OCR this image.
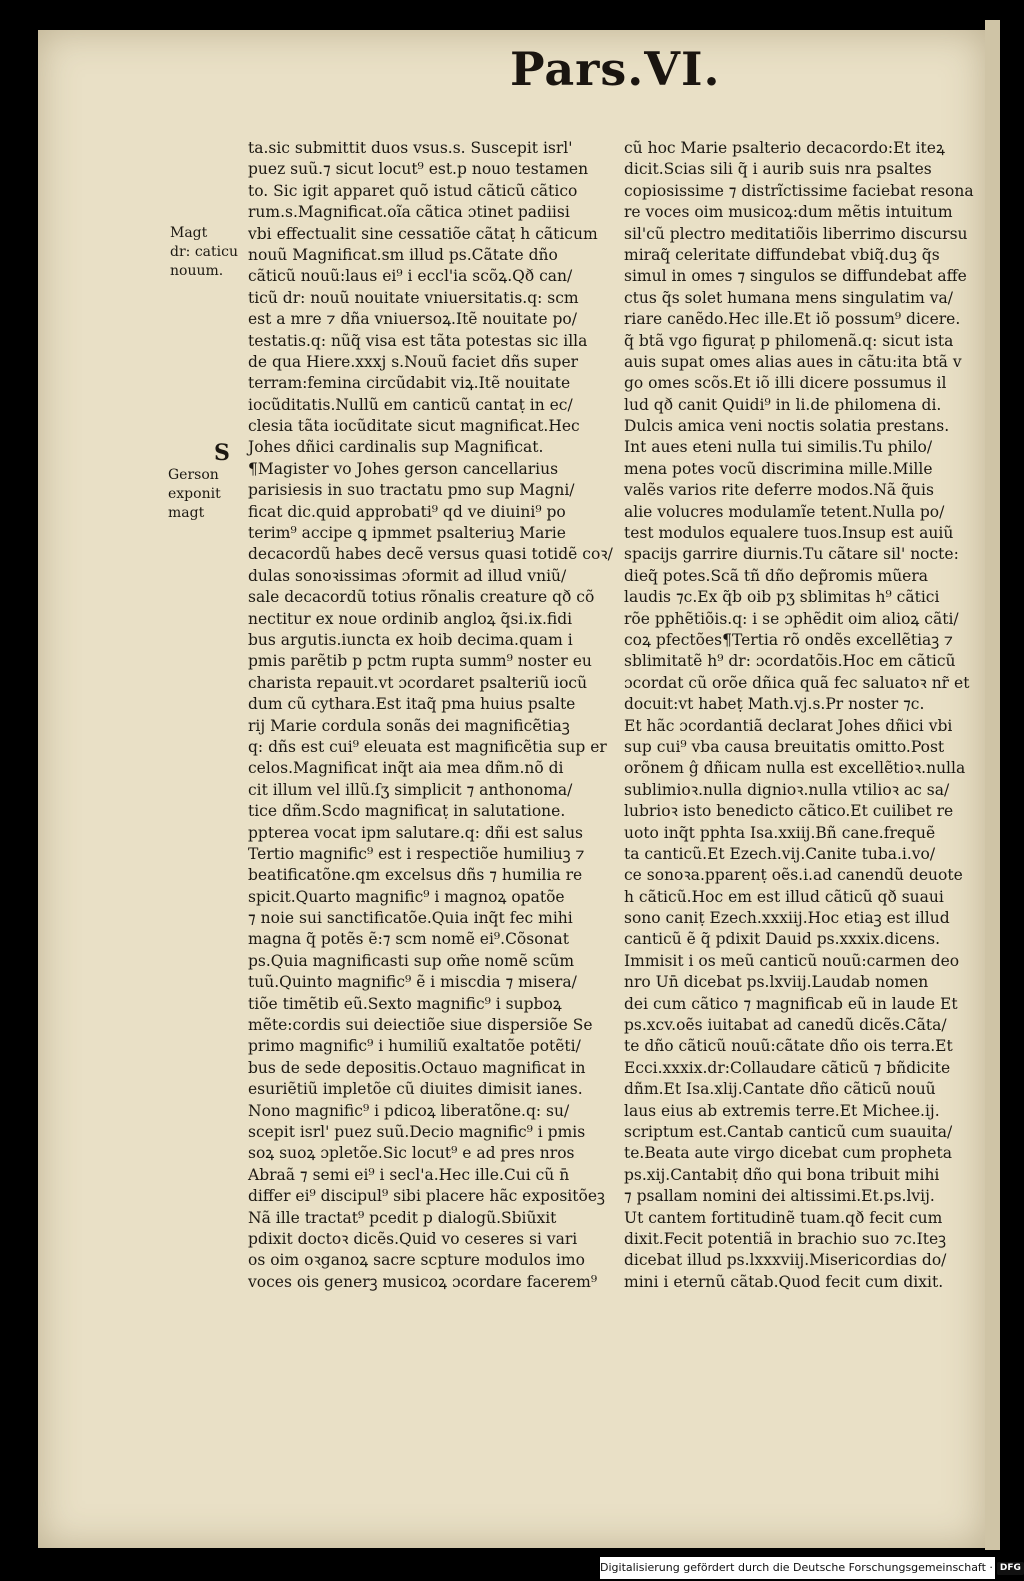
Pars.VI.
Magt
dr: caticu
nouum.
S
Gerson
exponit
magt
ta.sic submittit duos vsus.s. Suscepit isrl'
puez suũ.⁊ sicut locut⁹ est.p nouo testamen
to. Sic igit apparet quõ istud cãticũ cãtico
rum.s.Magnificat.oĩa cãtica ɔtinet padiisi
vbi effectualit sine cessatiõe cãtaṭ h cãticum
nouũ Magnificat.sm illud ps.Cãtate dño
cãticũ nouũ:laus ei⁹ i eccl'ia scõꝝ.Qð can/
ticũ dr: nouũ nouitate vniuersitatis.q: scm
est a mre ⁊ dña vniuersoꝝ.Itẽ nouitate po/
testatis.q: nũq̃ visa est tãta potestas sic illa
de qua Hiere.xxxj s.Nouũ faciet dñs super
terram:femina circũdabit viꝝ.Itẽ nouitate
iocũditatis.Nullũ em canticũ cantaṭ in ec/
clesia tãta iocũditate sicut magnificat.Hec
Johes dñici cardinalis sup Magnificat.
¶Magister vo Johes gerson cancellarius
parisiesis in suo tractatu pmo sup Magni/
ficat dic.quid approbati⁹ qd ve diuini⁹ po
terim⁹ accipe ꝗ ipmmet psalteriuꝫ Marie
decacordũ habes decẽ versus quasi totidẽ coꝛ/
dulas sonoꝛissimas ɔformit ad illud vniũ/
sale decacordũ totius rõnalis creature qð cõ
nectitur ex noue ordinib angloꝝ q̃si.ix.fidi
bus argutis.iuncta ex hoib decima.quam i
pmis parẽtib p pctm rupta summ⁹ noster eu
charista repauit.vt ɔcordaret psalteriũ iocũ
dum cũ cythara.Est itaq̃ pma huius psalte
rij Marie cordula sonãs dei magnificẽtiaꝫ
q: dñs est cui⁹ eleuata est magnificẽtia sup er
celos.Magnificat inq̃t aia mea dñm.nõ di
cit illum vel illũ.ſʒ simplicit ⁊ anthonoma/
tice dñm.Scdo magnificaṭ in salutatione.
ppterea vocat ipm salutare.q: dñi est salus
Tertio magnific⁹ est i respectiõe humiliuꝫ ⁊
beatificatõne.qm excelsus dñs ⁊ humilia re
spicit.Quarto magnific⁹ i magnoꝝ opatõe
⁊ noie sui sanctificatõe.Quia inq̃t fec mihi
magna q̃ potẽs ẽ:⁊ scm nomẽ ei⁹.Cõsonat
ps.Quia magnificasti sup om̃e nomẽ scũm
tuũ.Quinto magnific⁹ ẽ i miscdia ⁊ misera/
tiõe timẽtib eũ.Sexto magnific⁹ i supboꝝ
mẽte:cordis sui deiectiõe siue dispersiõe Se
primo magnific⁹ i humiliũ exaltatõe potẽti/
bus de sede depositis.Octauo magnificat in
esuriẽtiũ impletõe cũ diuites dimisit ianes.
Nono magnific⁹ i pdicoꝝ liberatõne.q: su/
scepit isrl' puez suũ.Decio magnific⁹ i pmis
soꝝ suoꝝ ɔpletõe.Sic locut⁹ e ad pres nros
Abraã ⁊ semi ei⁹ i secl'a.Hec ille.Cui cũ n̄
differ ei⁹ discipul⁹ sibi placere hãc expositõeꝫ
Nã ille tractat⁹ pcedit p dialogũ.Sbiũxit
pdixit doctoꝛ dicẽs.Quid vo ceseres si vari
os oim oꝛganoꝝ sacre scpture modulos imo
voces ois generꝫ musicoꝝ ɔcordare facerem⁹
cũ hoc Marie psalterio decacordo:Et iteꝝ
dicit.Scias sili q̃ i aurib suis nra psaltes
copiosissime ⁊ distrĩctissime faciebat resona
re voces oim musicoꝝ:dum mẽtis intuitum
sil'cũ plectro meditatiõis liberrimo discursu
miraq̃ celeritate diffundebat vbiq̃.duꝫ q̃s
simul in omes ⁊ singulos se diffundebat affe
ctus q̃s solet humana mens singulatim va/
riare canẽdo.Hec ille.Et iõ possum⁹ dicere.
q̃ btã vgo figuraṭ p philomenã.q: sicut ista
auis supat omes alias aues in cãtu:ita btã v
go omes scõs.Et iõ illi dicere possumus il
lud qð canit Quidi⁹ in li.de philomena di.
Dulcis amica veni noctis solatia prestans.
Int aues eteni nulla tui similis.Tu philo/
mena potes vocũ discrimina mille.Mille
valẽs varios rite deferre modos.Nã q̃uis
alie volucres modulamĩe tetent.Nulla po/
test modulos equalere tuos.Insup est auiũ
spacijs garrire diurnis.Tu cãtare sil' nocte:
dieq̃ potes.Scã tñ dño dep̃romis mũera
laudis ⁊c.Ex q̃b oib pʒ sblimitas h⁹ cãtici
rõe pphẽtiõis.q: i se ɔphẽdit oim alioꝝ cãti/
coꝝ pfectões¶Tertia rõ ondẽs excellẽtiaꝫ ⁊
sblimitatẽ h⁹ dr: ɔcordatõis.Hoc em cãticũ
ɔcordat cũ orõe dñica quã fec saluatoꝛ nr̃ et
docuit:vt habeṭ Math.vj.s.Pr noster ⁊c.
Et hãc ɔcordantiã declarat Johes dñici vbi
sup cui⁹ vba causa breuitatis omitto.Post
orõnem ĝ dñicam nulla est excellẽtioꝛ.nulla
sublimioꝛ.nulla dignioꝛ.nulla vtilioꝛ ac sa/
lubrioꝛ isto benedicto cãtico.Et cuilibet re
uoto inq̃t pphta Isa.xxiij.Bñ cane.frequẽ
ta canticũ.Et Ezech.vij.Canite tuba.i.vo/
ce sonoꝛa.pparenṭ oẽs.i.ad canendũ deuote
h cãticũ.Hoc em est illud cãticũ qð suaui
sono caniṭ Ezech.xxxiij.Hoc etiaꝫ est illud
canticũ ẽ q̃ pdixit Dauid ps.xxxix.dicens.
Immisit i os meũ canticũ nouũ:carmen deo
nro Un̄ dicebat ps.lxviij.Laudab nomen
dei cum cãtico ⁊ magnificab eũ in laude Et
ps.xcv.oẽs iuitabat ad canedũ dicẽs.Cãta/
te dño cãticũ nouũ:cãtate dño ois terra.Et
Ecci.xxxix.dr:Collaudare cãticũ ⁊ bñdicite
dñm.Et Isa.xlij.Cantate dño cãticũ nouũ
laus eius ab extremis terre.Et Michee.ij.
scriptum est.Cantab canticũ cum suauita/
te.Beata aute virgo dicebat cum propheta
ps.xij.Cantabiṭ dño qui bona tribuit mihi
⁊ psallam nomini dei altissimi.Et.ps.lvij.
Ut cantem fortitudinẽ tuam.qð fecit cum
dixit.Fecit potentiã in brachio suo ⁊c.Iteꝫ
dicebat illud ps.lxxxviij.Misericordias do/
mini i eternũ cãtab.Quod fecit cum dixit.
Digitalisierung gefördert durch die Deutsche Forschungsgemeinschaft · DFG
